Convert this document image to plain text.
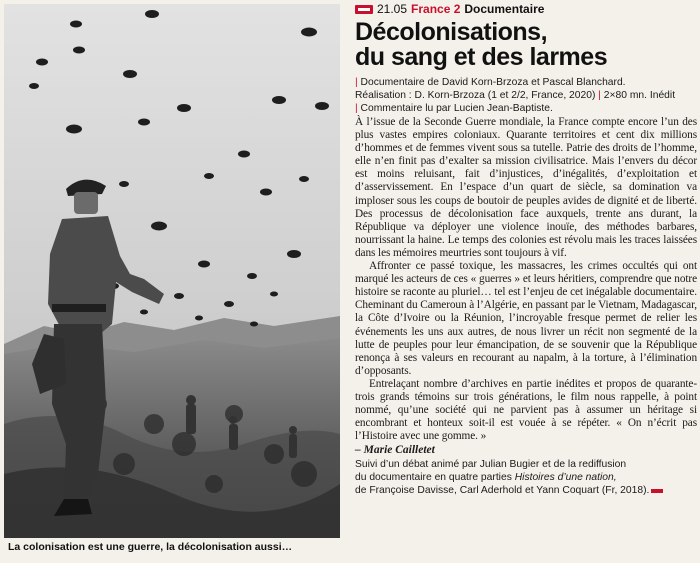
La colonisation est une guerre, la décolonisation aussi…
21.05 France 2 Documentaire
Décolonisations,
du sang et des larmes
| Documentaire de David Korn-Brzoza et Pascal Blanchard.
Réalisation : D. Korn-Brzoza (1 et 2/2, France, 2020) | 2×80 mn. Inédit
| Commentaire lu par Lucien Jean-Baptiste.

À l’issue de la Seconde Guerre mondiale, la France compte encore l’un des plus vastes empires coloniaux. Quarante territoires et cent dix millions d’hommes et de femmes vivent sous sa tutelle. Patrie des droits de l’homme, elle n’en finit pas d’exalter sa mission civilisatrice. Mais l’envers du décor est moins reluisant, fait d’injustices, d’inégalités, d’exploitation et d’asservissement. En l’espace d’un quart de siècle, sa domination va imploser sous les coups de boutoir de peuples avides de dignité et de liberté. Des processus de décolonisation face auxquels, trente ans durant, la République va déployer une violence inouïe, des méthodes barbares, nourrissant la haine. Le temps des colonies est révolu mais les traces laissées dans les mémoires meurtries sont toujours à vif.

Affronter ce passé toxique, les massacres, les crimes occultés qui ont marqué les acteurs de ces « guerres » et leurs héritiers, comprendre que notre histoire se raconte au pluriel… tel est l’enjeu de cet inégalable documentaire. Cheminant du Cameroun à l’Algérie, en passant par le Vietnam, Madagascar, la Côte d’Ivoire ou la Réunion, l’incroyable fresque permet de relier les événements les uns aux autres, de nous livrer un récit non segmenté de la lutte de peuples pour leur émancipation, de se souvenir que la République renonça à ses valeurs en recourant au napalm, à la torture, à l’élimination d’opposants.

Entrelaçant nombre d’archives en partie inédites et propos de quarante-trois grands témoins sur trois générations, le film nous rappelle, à point nommé, qu’une société qui ne parvient pas à assumer un héritage si encombrant et honteux soit-il est vouée à se répéter. « On n’écrit pas l’Histoire avec une gomme. »

– Marie Cailletet
Suivi d’un débat animé par Julian Bugier et de la rediffusion
du documentaire en quatre parties Histoires d’une nation,
de Françoise Davisse, Carl Aderhold et Yann Coquart (Fr, 2018).
